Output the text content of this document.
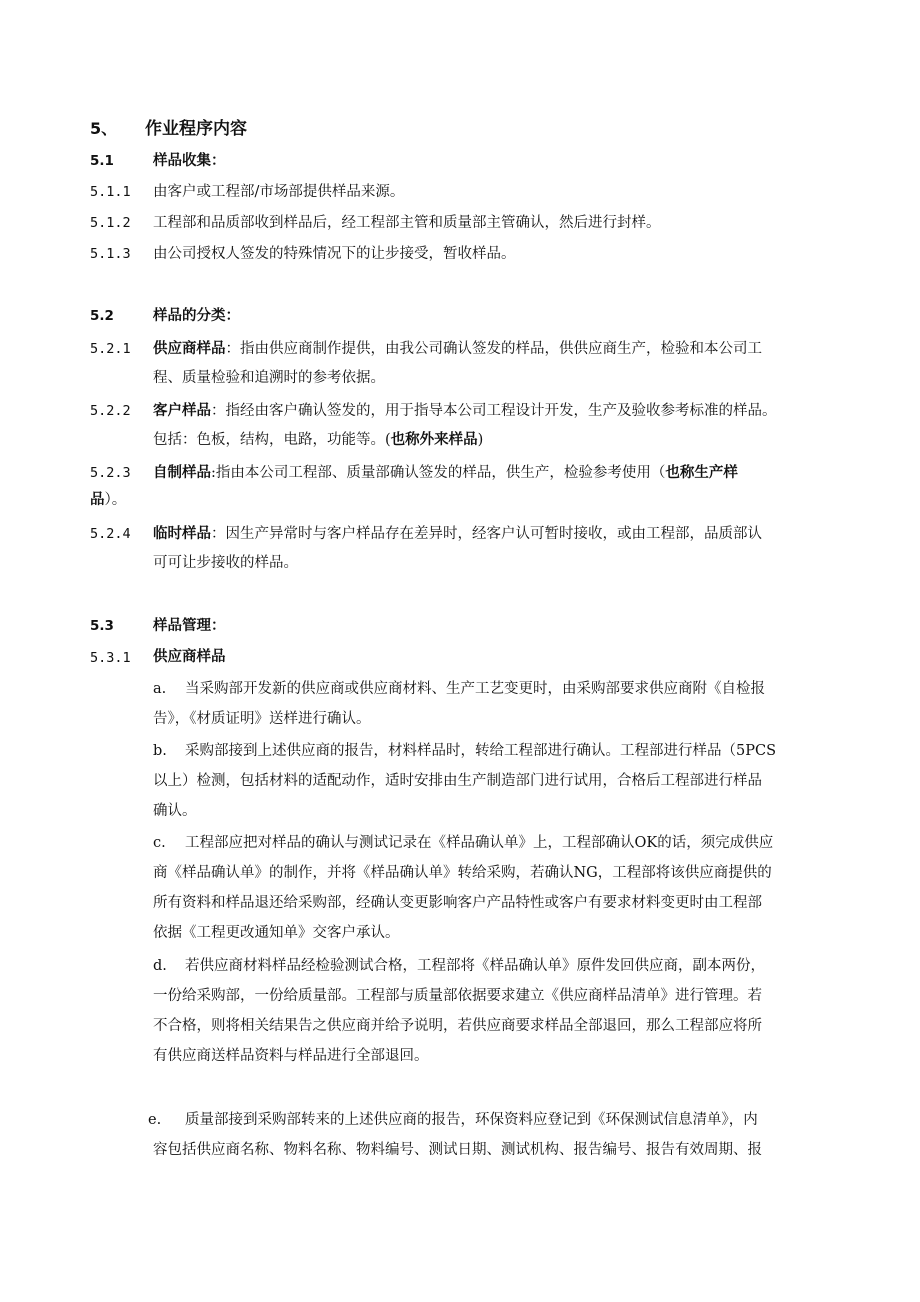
5、 作业程序内容
5.1	样品收集：
5.1.1 由客户或工程部/市场部提供样品来源。
5.1.2 工程部和品质部收到样品后，经工程部主管和质量部主管确认，然后进行封样。
5.1.3 由公司授权人签发的特殊情况下的让步接受，暂收样品。
5.2	样品的分类：
5.2.1 供应商样品：指由供应商制作提供，由我公司确认签发的样品，供供应商生产，检验和本公司工
程、质量检验和追溯时的参考依据。
5.2.2 客户样品：指经由客户确认签发的，用于指导本公司工程设计开发，生产及验收参考标准的样品。
包括：色板，结构，电路，功能等。(也称外来样品)
5.2.3 自制样品:指由本公司工程部、质量部确认签发的样品，供生产，检验参考使用（也称生产样
品）。
5.2.4 临时样品：因生产异常时与客户样品存在差异时，经客户认可暂时接收，或由工程部，品质部认
可可让步接收的样品。
5.3	样品管理：
5.3.1 供应商样品
a. 当采购部开发新的供应商或供应商材料、生产工艺变更时，由采购部要求供应商附《自检报
告》，《材质证明》送样进行确认。
b. 采购部接到上述供应商的报告，材料样品时，转给工程部进行确认。工程部进行样品（5PCS
以上）检测，包括材料的适配动作，适时安排由生产制造部门进行试用，合格后工程部进行样品
确认。
c. 工程部应把对样品的确认与测试记录在《样品确认单》上，工程部确认OK的话，须完成供应
商《样品确认单》的制作，并将《样品确认单》转给采购，若确认NG，工程部将该供应商提供的
所有资料和样品退还给采购部，经确认变更影响客户产品特性或客户有要求材料变更时由工程部
依据《工程更改通知单》交客户承认。
d. 若供应商材料样品经检验测试合格，工程部将《样品确认单》原件发回供应商，副本两份，
一份给采购部，一份给质量部。工程部与质量部依据要求建立《供应商样品清单》进行管理。若
不合格，则将相关结果告之供应商并给予说明，若供应商要求样品全部退回，那么工程部应将所
有供应商送样品资料与样品进行全部退回。
e. 质量部接到采购部转来的上述供应商的报告，环保资料应登记到《环保测试信息清单》，内
容包括供应商名称、物料名称、物料编号、测试日期、测试机构、报告编号、报告有效周期、报
